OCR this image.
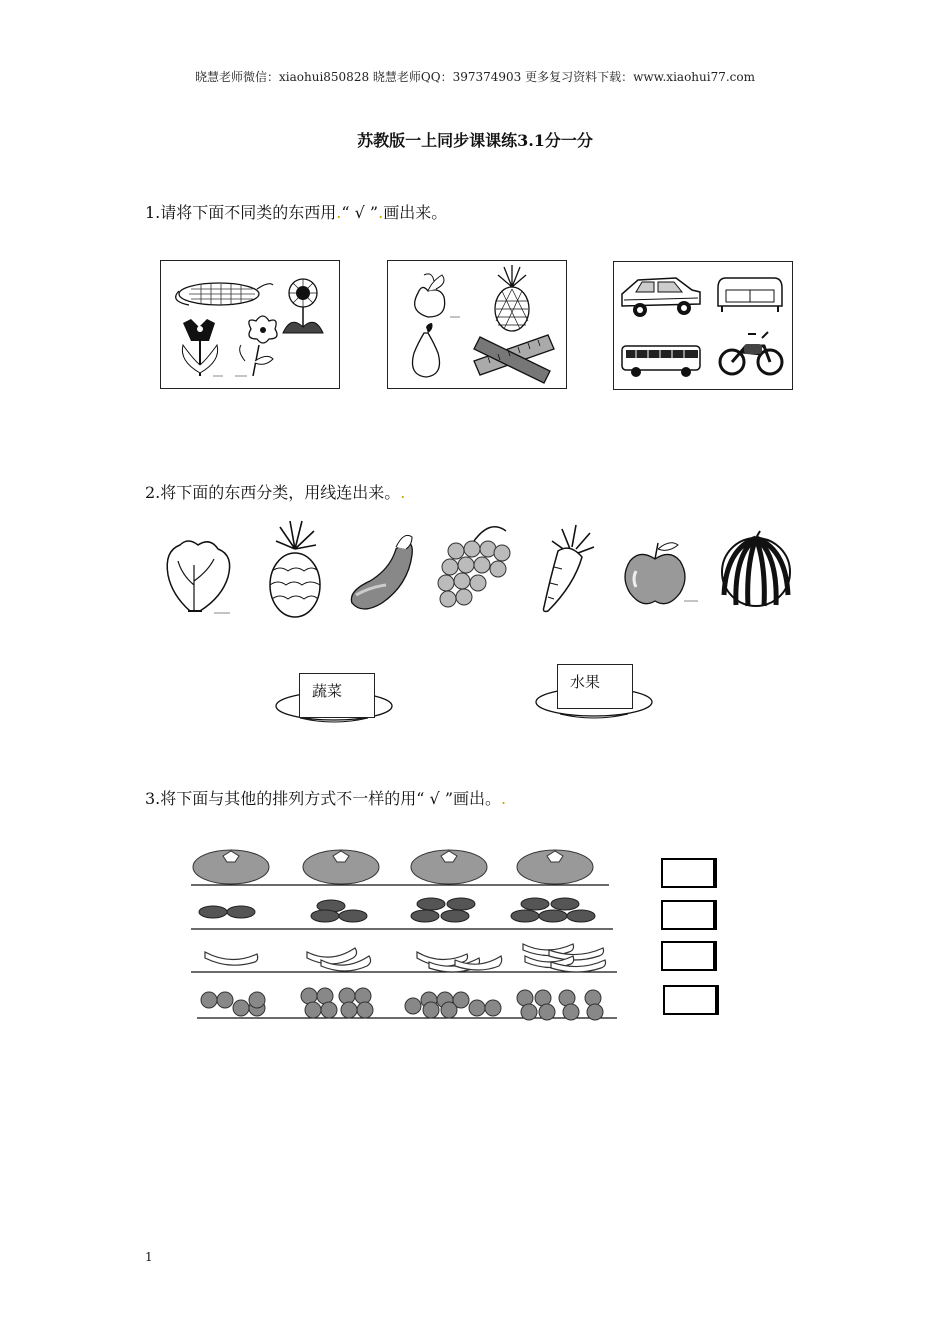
晓慧老师微信：xiaohui850828 晓慧老师QQ：397374903 更多复习资料下载：www.xiaohui77.com
苏教版一上同步课课练3.1分一分
1.请将下面不同类的东西用.“ √ ”.画出来。
2.将下面的东西分类，用线连出来。.
蔬菜	水果
3.将下面与其他的排列方式不一样的用“ √ ”画出。.
1
